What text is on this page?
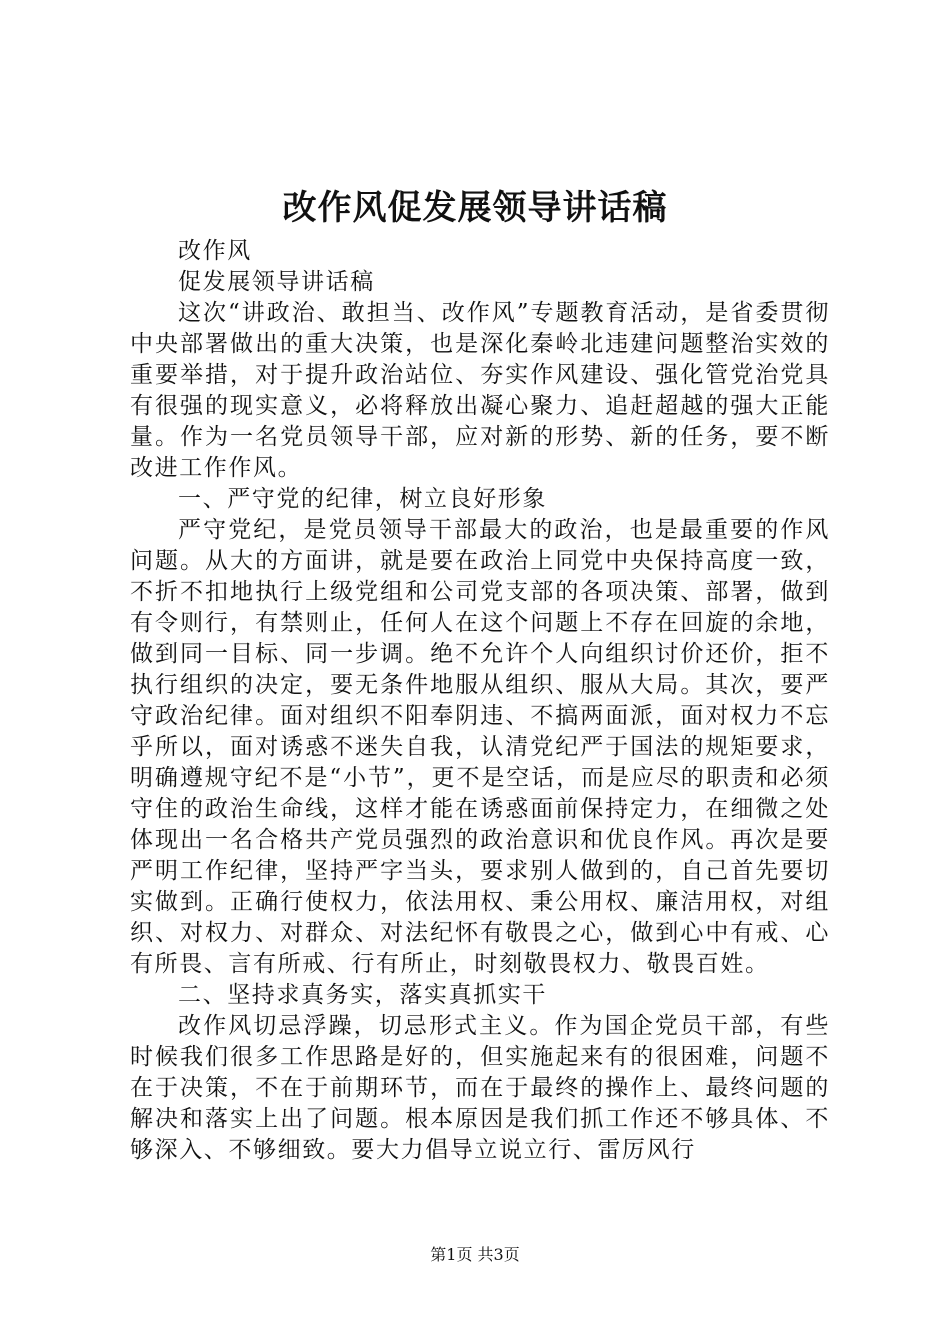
改作风促发展领导讲话稿

改作风

促发展领导讲话稿

这次“讲政治、敢担当、改作风”专题教育活动，是省委贯彻中央部署做出的重大决策，也是深化秦岭北违建问题整治实效的重要举措，对于提升政治站位、夯实作风建设、强化管党治党具有很强的现实意义，必将释放出凝心聚力、追赶超越的强大正能量。作为一名党员领导干部，应对新的形势、新的任务，要不断改进工作作风。

一、严守党的纪律，树立良好形象

严守党纪，是党员领导干部最大的政治，也是最重要的作风问题。从大的方面讲，就是要在政治上同党中央保持高度一致，不折不扣地执行上级党组和公司党支部的各项决策、部署，做到有令则行，有禁则止，任何人在这个问题上不存在回旋的余地，做到同一目标、同一步调。绝不允许个人向组织讨价还价，拒不执行组织的决定，要无条件地服从组织、服从大局。其次，要严守政治纪律。面对组织不阳奉阴违、不搞两面派，面对权力不忘乎所以，面对诱惑不迷失自我，认清党纪严于国法的规矩要求，明确遵规守纪不是“小节”，更不是空话，而是应尽的职责和必须守住的政治生命线，这样才能在诱惑面前保持定力，在细微之处体现出一名合格共产党员强烈的政治意识和优良作风。再次是要严明工作纪律，坚持严字当头，要求别人做到的，自己首先要切实做到。正确行使权力，依法用权、秉公用权、廉洁用权，对组织、对权力、对群众、对法纪怀有敬畏之心，做到心中有戒、心有所畏、言有所戒、行有所止，时刻敬畏权力、敬畏百姓。

二、坚持求真务实，落实真抓实干

改作风切忌浮躁，切忌形式主义。作为国企党员干部，有些时候我们很多工作思路是好的，但实施起来有的很困难，问题不在于决策，不在于前期环节，而在于最终的操作上、最终问题的解决和落实上出了问题。根本原因是我们抓工作还不够具体、不够深入、不够细致。要大力倡导立说立行、雷厉风行

第1页 共3页
